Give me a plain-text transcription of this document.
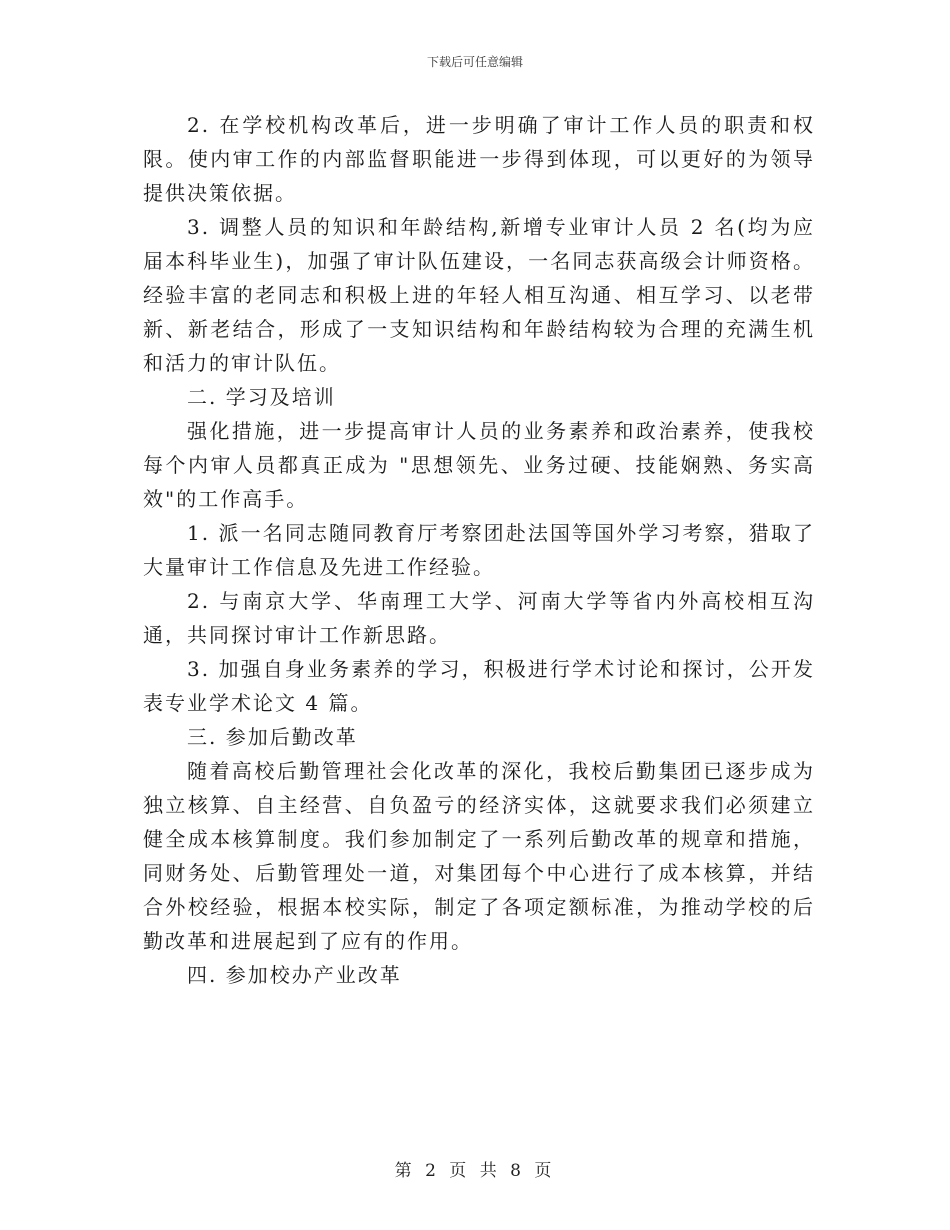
下载后可任意编辑

2. 在学校机构改革后，进一步明确了审计工作人员的职责和权限。使内审工作的内部监督职能进一步得到体现，可以更好的为领导提供决策依据。

3. 调整人员的知识和年龄结构,新增专业审计人员 2 名(均为应届本科毕业生)，加强了审计队伍建设，一名同志获高级会计师资格。经验丰富的老同志和积极上进的年轻人相互沟通、相互学习、以老带新、新老结合，形成了一支知识结构和年龄结构较为合理的充满生机和活力的审计队伍。

二. 学习及培训

强化措施，进一步提高审计人员的业务素养和政治素养，使我校每个内审人员都真正成为 "思想领先、业务过硬、技能娴熟、务实高效"的工作高手。

1. 派一名同志随同教育厅考察团赴法国等国外学习考察，猎取了大量审计工作信息及先进工作经验。

2. 与南京大学、华南理工大学、河南大学等省内外高校相互沟通，共同探讨审计工作新思路。

3. 加强自身业务素养的学习，积极进行学术讨论和探讨，公开发表专业学术论文 4 篇。

三. 参加后勤改革

随着高校后勤管理社会化改革的深化，我校后勤集团已逐步成为独立核算、自主经营、自负盈亏的经济实体，这就要求我们必须建立健全成本核算制度。我们参加制定了一系列后勤改革的规章和措施，同财务处、后勤管理处一道，对集团每个中心进行了成本核算，并结合外校经验，根据本校实际，制定了各项定额标准，为推动学校的后勤改革和进展起到了应有的作用。

四. 参加校办产业改革

第 2 页 共 8 页
